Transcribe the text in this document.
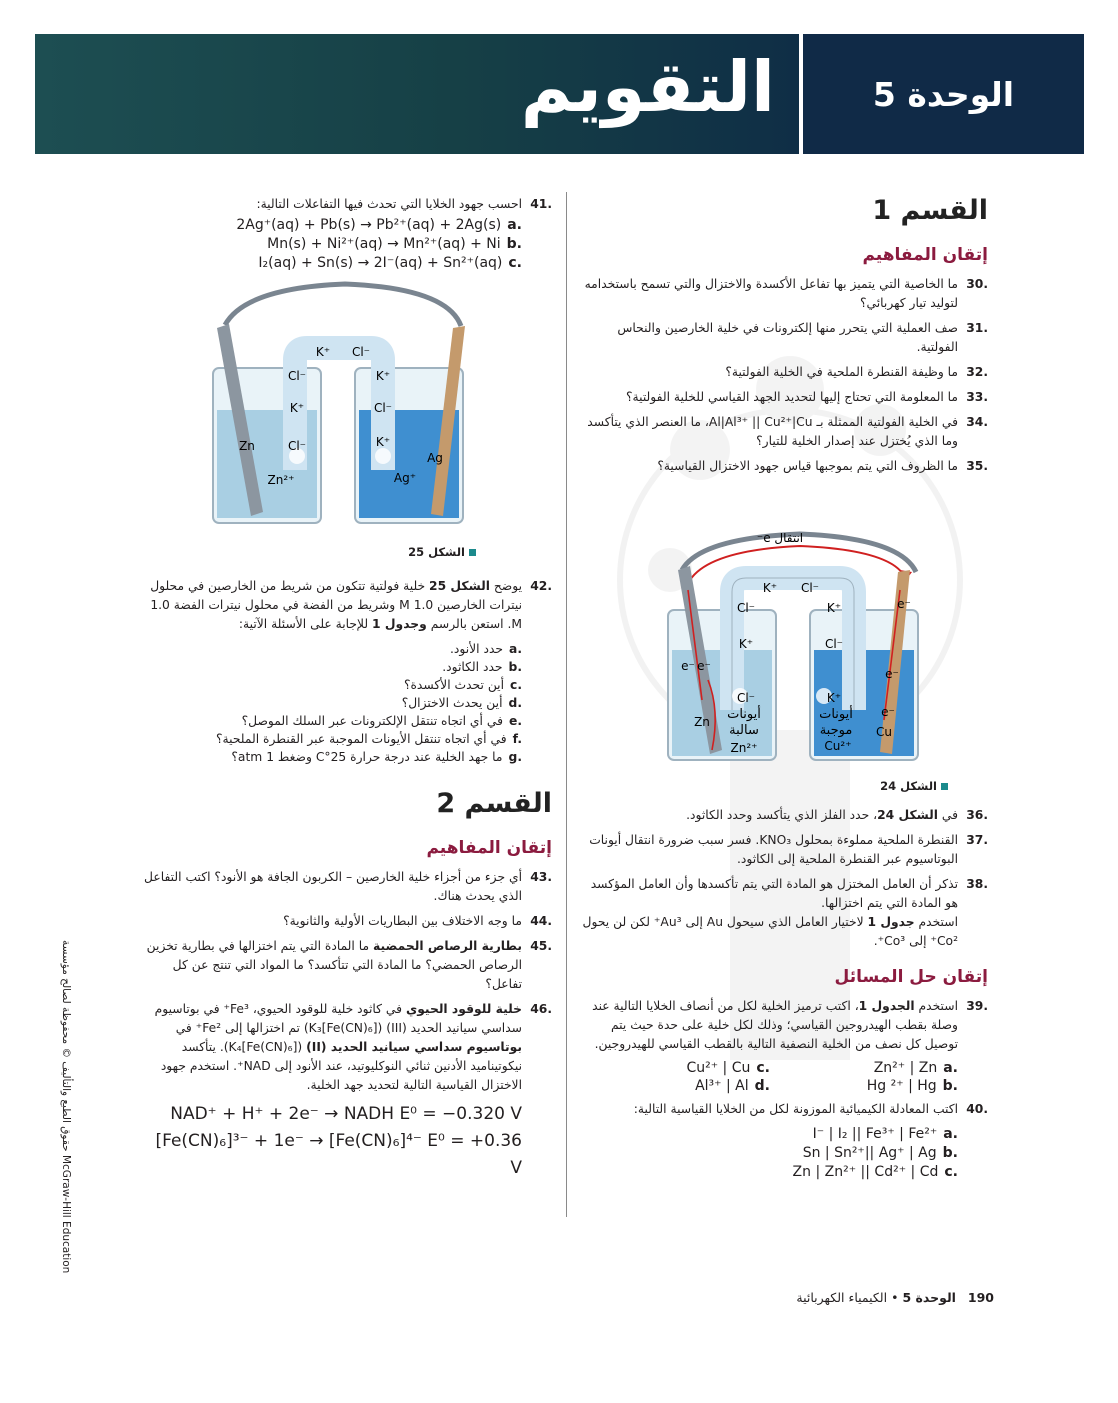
التقويم	الوحدة 5
القسم 1
إتقان المفاهيم
30.
ما الخاصية التي يتميز بها تفاعل الأكسدة والاختزال والتي تسمح باستخدامه لتوليد تيار كهربائي؟
31.
صف العملية التي يتحرر منها إلكترونات في خلية الخارصين والنحاس الفولتية.
32.
ما وظيفة القنطرة الملحية في الخلية الفولتية؟
33.
ما المعلومة التي تحتاج إليها لتحديد الجهد القياسي للخلية الفولتية؟
34.
في الخلية الفولتية الممثلة بـ Al|Al³⁺ || Cu²⁺|Cu، ما العنصر الذي يتأكسد وما الذي يُختزل عند إصدار الخلية للتيار؟
35.
ما الظروف التي يتم بموجبها قياس جهود الاختزال القياسية؟
انتقال e⁻
K⁺ Cl⁻
Cl⁻	K⁺
K⁺	Cl⁻
Cl⁻	K⁺
e⁻
e⁻
e⁻
e⁻ e⁻
Zn
Cu
أيونات
سالبة
أيونات
موجبة
Zn²⁺	Cu²⁺
الشكل 24
36.
في الشكل 24، حدد الفلز الذي يتأكسد وحدد الكاثود.
37.
القنطرة الملحية مملوءة بمحلول KNO₃. فسر سبب ضرورة انتقال أيونات البوتاسيوم عبر القنطرة الملحية إلى الكاثود.
38.
تذكر أن العامل المختزل هو المادة التي يتم تأكسدها وأن العامل المؤكسد هو المادة التي يتم اختزالها.
استخدم جدول 1 لاختيار العامل الذي سيحول Au إلى Au³⁺ لكن لن يحول Co²⁺ إلى Co³⁺.
إتقان حل المسائل
39.
استخدم الجدول 1، اكتب ترميز الخلية لكل من أنصاف الخلايا التالية عند وصلة بقطب الهيدروجين القياسي؛ وذلك لكل خلية على حدة حيث يتم توصيل كل نصف من الخلية النصفية التالية بالقطب القياسي للهيدروجين.
a.
Zn²⁺ | Zn
c.
Cu²⁺ | Cu
b.
Hg ²⁺ | Hg
d.
Al³⁺ | Al
40.
اكتب المعادلة الكيميائية الموزونة لكل من الخلايا القياسية التالية:
a.
I⁻ | I₂ || Fe³⁺ | Fe²⁺
b.
Sn | Sn²⁺|| Ag⁺ | Ag
c.
Zn | Zn²⁺ || Cd²⁺ | Cd
41.
احسب جهود الخلايا التي تحدث فيها التفاعلات التالية:
a.
2Ag⁺(aq) + Pb(s) → Pb²⁺(aq) + 2Ag(s)
b.
Mn(s) + Ni²⁺(aq) → Mn²⁺(aq) + Ni
c.
I₂(aq) + Sn(s) → 2I⁻(aq) + Sn²⁺(aq)
K⁺ Cl⁻
Cl⁻	K⁺
K⁺	Cl⁻
Cl⁻	K⁺
Zn
Ag
Zn²⁺	Ag⁺
الشكل 25
42.
يوضح الشكل 25 خلية فولتية تتكون من شريط من الخارصين في محلول نيترات الخارصين 1.0 M وشريط من الفضة في محلول نيترات الفضة 1.0 M. استعن بالرسم وجدول 1 للإجابة على الأسئلة الآتية:
a.
حدد الأنود.
b.
حدد الكاثود.
c.
أين تحدث الأكسدة؟
d.
أين يحدث الاختزال؟
e.
في أي اتجاه تنتقل الإلكترونات عبر السلك الموصل؟
f.
في أي اتجاه تنتقل الأيونات الموجبة عبر القنطرة الملحية؟
g.
ما جهد الخلية عند درجة حرارة 25°C وضغط 1 atm؟
القسم 2
إتقان المفاهيم
43.
أي جزء من أجزاء خلية الخارصين – الكربون الجافة هو الأنود؟ اكتب التفاعل الذي يحدث هناك.
44.
ما وجه الاختلاف بين البطاريات الأولية والثانوية؟
45.
بطارية الرصاص الحمضية ما المادة التي يتم اختزالها في بطارية تخزين الرصاص الحمضي؟ ما المادة التي تتأكسد؟ ما المواد التي تنتج عن كل تفاعل؟
46.
خلية للوقود الحيوي في كاثود خلية للوقود الحيوي، Fe³⁺ في بوتاسيوم سداسي سيانيد الحديد (III) (K₃[Fe(CN)₆]) تم اختزالها إلى Fe²⁺ في بوتاسيوم سداسي سيانيد الحديد (II) (K₄[Fe(CN)₆]). يتأكسد نيكوتيناميد الأدنين ثنائي النوكليوتيد، عند الأنود إلى NAD⁺. استخدم جهود الاختزال القياسية التالية لتحديد جهد الخلية.
NAD⁺ + H⁺ + 2e⁻ → NADH E⁰ = −0.320 V
[Fe(CN)₆]³⁻ + 1e⁻ → [Fe(CN)₆]⁴⁻ E⁰ = +0.36 V
حقوق الطبع والتأليف © محفوظة لصالح مؤسسة McGraw-Hill Education
190 الوحدة 5 • الكيمياء الكهربائية
